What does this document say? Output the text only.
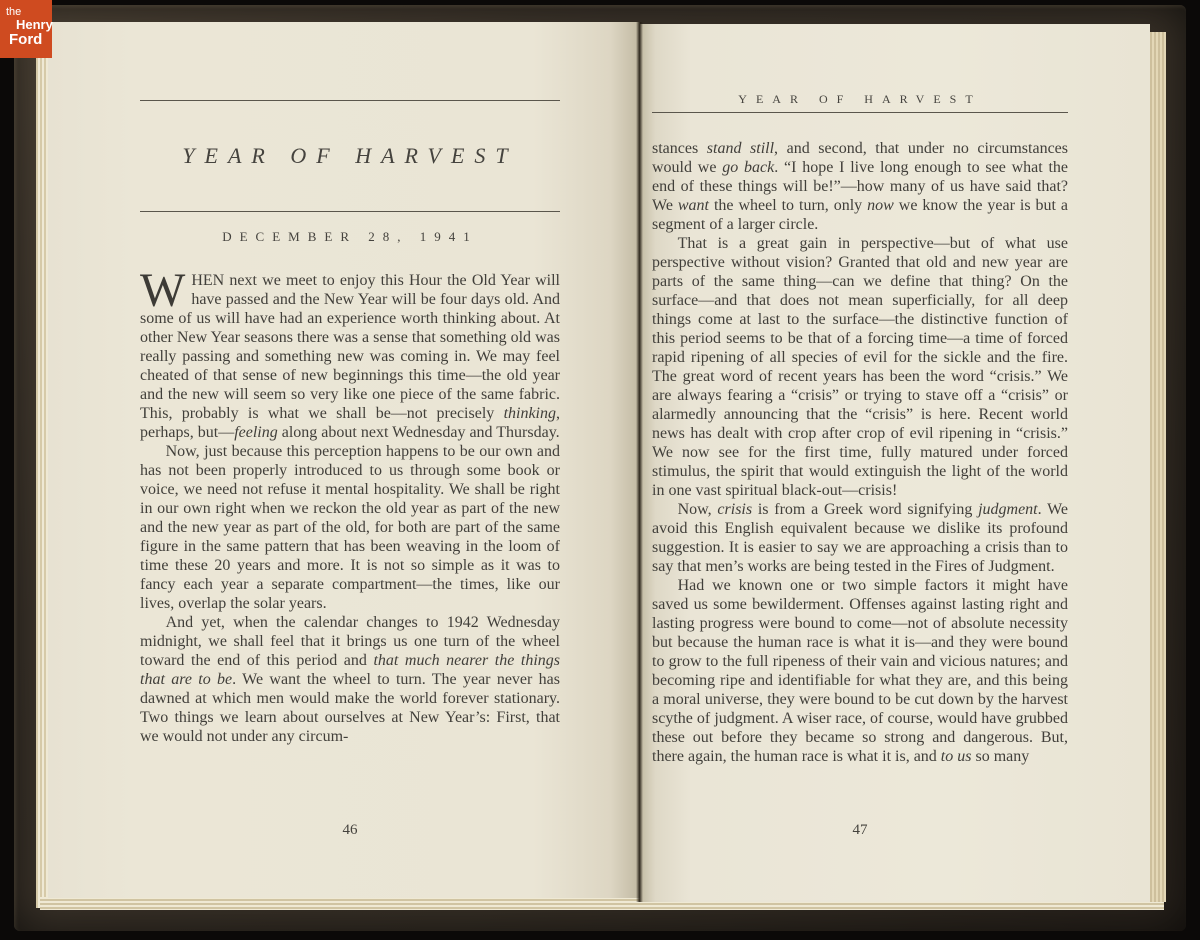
the
Henry
Ford
YEAR OF HARVEST
DECEMBER 28, 1941

WHEN next we meet to enjoy this Hour the Old Year will have passed and the New Year will be four days old. And some of us will have had an experience worth thinking about. At other New Year seasons there was a sense that something old was really passing and something new was coming in. We may feel cheated of that sense of new beginnings this time—the old year and the new will seem so very like one piece of the same fabric. This, probably is what we shall be—not precisely thinking, perhaps, but—feeling along about next Wednesday and Thursday.

Now, just because this perception happens to be our own and has not been properly introduced to us through some book or voice, we need not refuse it mental hospitality. We shall be right in our own right when we reckon the old year as part of the new and the new year as part of the old, for both are part of the same figure in the same pattern that has been weaving in the loom of time these 20 years and more. It is not so simple as it was to fancy each year a separate compartment—the times, like our lives, overlap the solar years.

And yet, when the calendar changes to 1942 Wednesday midnight, we shall feel that it brings us one turn of the wheel toward the end of this period and that much nearer the things that are to be. We want the wheel to turn. The year never has dawned at which men would make the world forever stationary. Two things we learn about ourselves at New Year’s: First, that we would not under any circum-

46
YEAR OF HARVEST

stances stand still, and second, that under no circumstances would we go back. “I hope I live long enough to see what the end of these things will be!”—how many of us have said that? We want the wheel to turn, only now we know the year is but a segment of a larger circle.

That is a great gain in perspective—but of what use perspective without vision? Granted that old and new year are parts of the same thing—can we define that thing? On the surface—and that does not mean superficially, for all deep things come at last to the surface—the distinctive function of this period seems to be that of a forcing time—a time of forced rapid ripening of all species of evil for the sickle and the fire. The great word of recent years has been the word “crisis.” We are always fearing a “crisis” or trying to stave off a “crisis” or alarmedly announcing that the “crisis” is here. Recent world news has dealt with crop after crop of evil ripening in “crisis.” We now see for the first time, fully matured under forced stimulus, the spirit that would extinguish the light of the world in one vast spiritual black-out—crisis!

Now, crisis is from a Greek word signifying judgment. We avoid this English equivalent because we dislike its profound suggestion. It is easier to say we are approaching a crisis than to say that men’s works are being tested in the Fires of Judgment.

Had we known one or two simple factors it might have saved us some bewilderment. Offenses against lasting right and lasting progress were bound to come—not of absolute necessity but because the human race is what it is—and they were bound to grow to the full ripeness of their vain and vicious natures; and becoming ripe and identifiable for what they are, and this being a moral universe, they were bound to be cut down by the harvest scythe of judgment. A wiser race, of course, would have grubbed these out before they became so strong and dangerous. But, there again, the human race is what it is, and to us so many

47
